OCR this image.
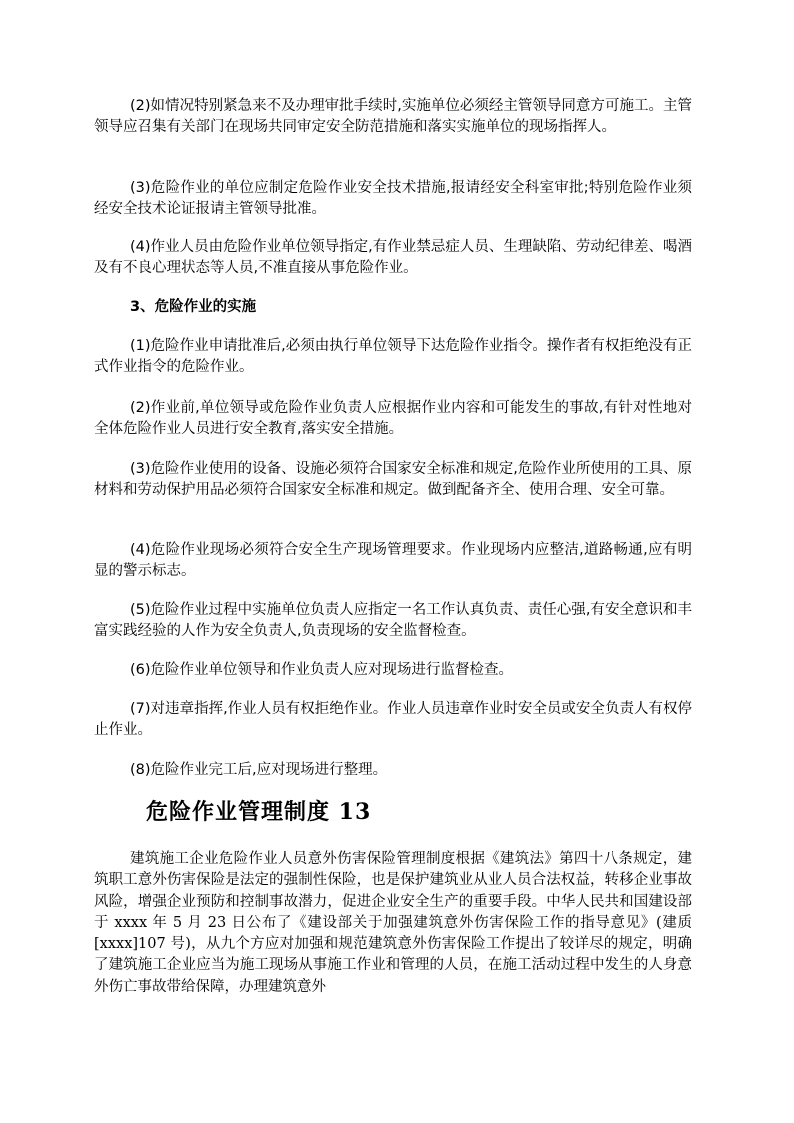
(2)如情况特别紧急来不及办理审批手续时,实施单位必须经主管领导同意方可施工。主管领导应召集有关部门在现场共同审定安全防范措施和落实实施单位的现场指挥人。

(3)危险作业的单位应制定危险作业安全技术措施,报请经安全科室审批;特别危险作业须经安全技术论证报请主管领导批准。

(4)作业人员由危险作业单位领导指定,有作业禁忌症人员、生理缺陷、劳动纪律差、喝酒及有不良心理状态等人员,不准直接从事危险作业。

3、危险作业的实施

(1)危险作业申请批准后,必须由执行单位领导下达危险作业指令。操作者有权拒绝没有正式作业指令的危险作业。

(2)作业前,单位领导或危险作业负责人应根据作业内容和可能发生的事故,有针对性地对全体危险作业人员进行安全教育,落实安全措施。

(3)危险作业使用的设备、设施必须符合国家安全标准和规定,危险作业所使用的工具、原材料和劳动保护用品必须符合国家安全标准和规定。做到配备齐全、使用合理、安全可靠。

(4)危险作业现场必须符合安全生产现场管理要求。作业现场内应整洁,道路畅通,应有明显的警示标志。

(5)危险作业过程中实施单位负责人应指定一名工作认真负责、责任心强,有安全意识和丰富实践经验的人作为安全负责人,负责现场的安全监督检查。

(6)危险作业单位领导和作业负责人应对现场进行监督检查。

(7)对违章指挥,作业人员有权拒绝作业。作业人员违章作业时安全员或安全负责人有权停止作业。

(8)危险作业完工后,应对现场进行整理。

危险作业管理制度 13

建筑施工企业危险作业人员意外伤害保险管理制度根据《建筑法》第四十八条规定，建筑职工意外伤害保险是法定的强制性保险，也是保护建筑业从业人员合法权益，转移企业事故风险，增强企业预防和控制事故潜力，促进企业安全生产的重要手段。中华人民共和国建设部于 xxxx 年 5 月 23 日公布了《建设部关于加强建筑意外伤害保险工作的指导意见》(建质[xxxx]107 号)，从九个方应对加强和规范建筑意外伤害保险工作提出了较详尽的规定，明确了建筑施工企业应当为施工现场从事施工作业和管理的人员，在施工活动过程中发生的人身意外伤亡事故带给保障，办理建筑意外
